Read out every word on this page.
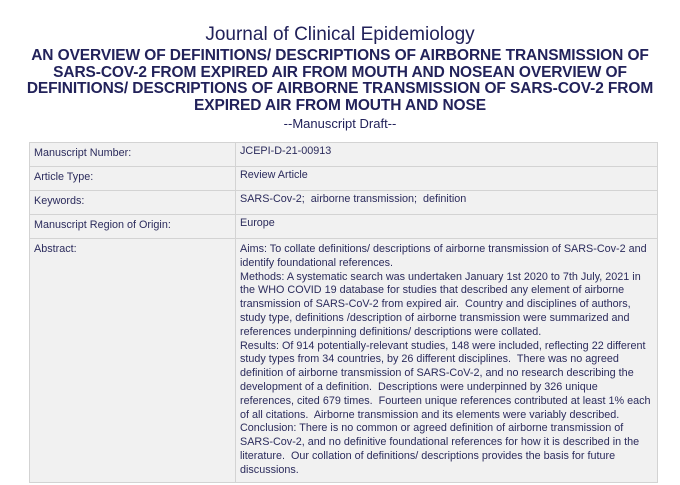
Journal of Clinical Epidemiology
AN OVERVIEW OF DEFINITIONS/ DESCRIPTIONS OF AIRBORNE TRANSMISSION OF SARS-COV-2 FROM EXPIRED AIR FROM MOUTH AND NOSEAN OVERVIEW OF DEFINITIONS/ DESCRIPTIONS OF AIRBORNE TRANSMISSION OF SARS-COV-2 FROM EXPIRED AIR FROM MOUTH AND NOSE
--Manuscript Draft--
Manuscript Number:	JCEPI-D-21-00913
Article Type:	Review Article
Keywords:	SARS-Cov-2;  airborne transmission;  definition
Manuscript Region of Origin:	Europe
Abstract:	Aims: To collate definitions/ descriptions of airborne transmission of SARS-Cov-2 and identify foundational references.
Methods: A systematic search was undertaken January 1st 2020 to 7th July, 2021 in the WHO COVID 19 database for studies that described any element of airborne transmission of SARS-CoV-2 from expired air.  Country and disciplines of authors, study type, definitions /description of airborne transmission were summarized and references underpinning definitions/ descriptions were collated.
Results: Of 914 potentially-relevant studies, 148 were included, reflecting 22 different study types from 34 countries, by 26 different disciplines.  There was no agreed definition of airborne transmission of SARS-CoV-2, and no research describing the development of a definition.  Descriptions were underpinned by 326 unique references, cited 679 times.  Fourteen unique references contributed at least 1% each of all citations.  Airborne transmission and its elements were variably described.
Conclusion: There is no common or agreed definition of airborne transmission of SARS-Cov-2, and no definitive foundational references for how it is described in the literature.  Our collation of definitions/ descriptions provides the basis for future discussions.
